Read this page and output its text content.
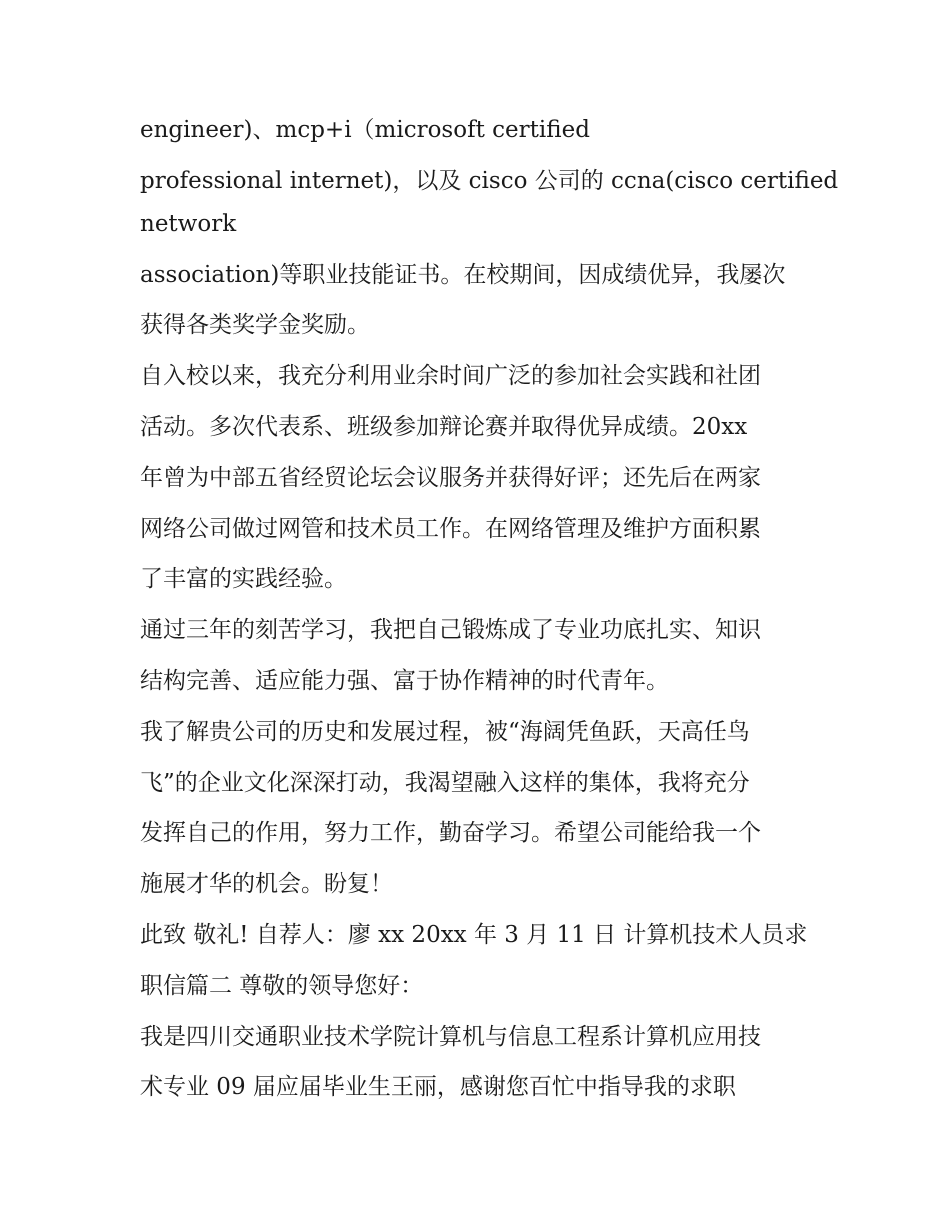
engineer)、mcp+i（microsoft certified
professional internet)，以及 cisco 公司的 ccna(cisco certified
network
association)等职业技能证书。在校期间，因成绩优异，我屡次
获得各类奖学金奖励。
自入校以来，我充分利用业余时间广泛的参加社会实践和社团
活动。多次代表系、班级参加辩论赛并取得优异成绩。20xx
年曾为中部五省经贸论坛会议服务并获得好评；还先后在两家
网络公司做过网管和技术员工作。在网络管理及维护方面积累
了丰富的实践经验。
通过三年的刻苦学习，我把自己锻炼成了专业功底扎实、知识
结构完善、适应能力强、富于协作精神的时代青年。
我了解贵公司的历史和发展过程，被“海阔凭鱼跃，天高任鸟
飞”的企业文化深深打动，我渴望融入这样的集体，我将充分
发挥自己的作用，努力工作，勤奋学习。希望公司能给我一个
施展才华的机会。盼复！
此致 敬礼! 自荐人：廖 xx 20xx 年 3 月 11 日 计算机技术人员求
职信篇二 尊敬的领导您好：
我是四川交通职业技术学院计算机与信息工程系计算机应用技
术专业 09 届应届毕业生王丽，感谢您百忙中指导我的求职
